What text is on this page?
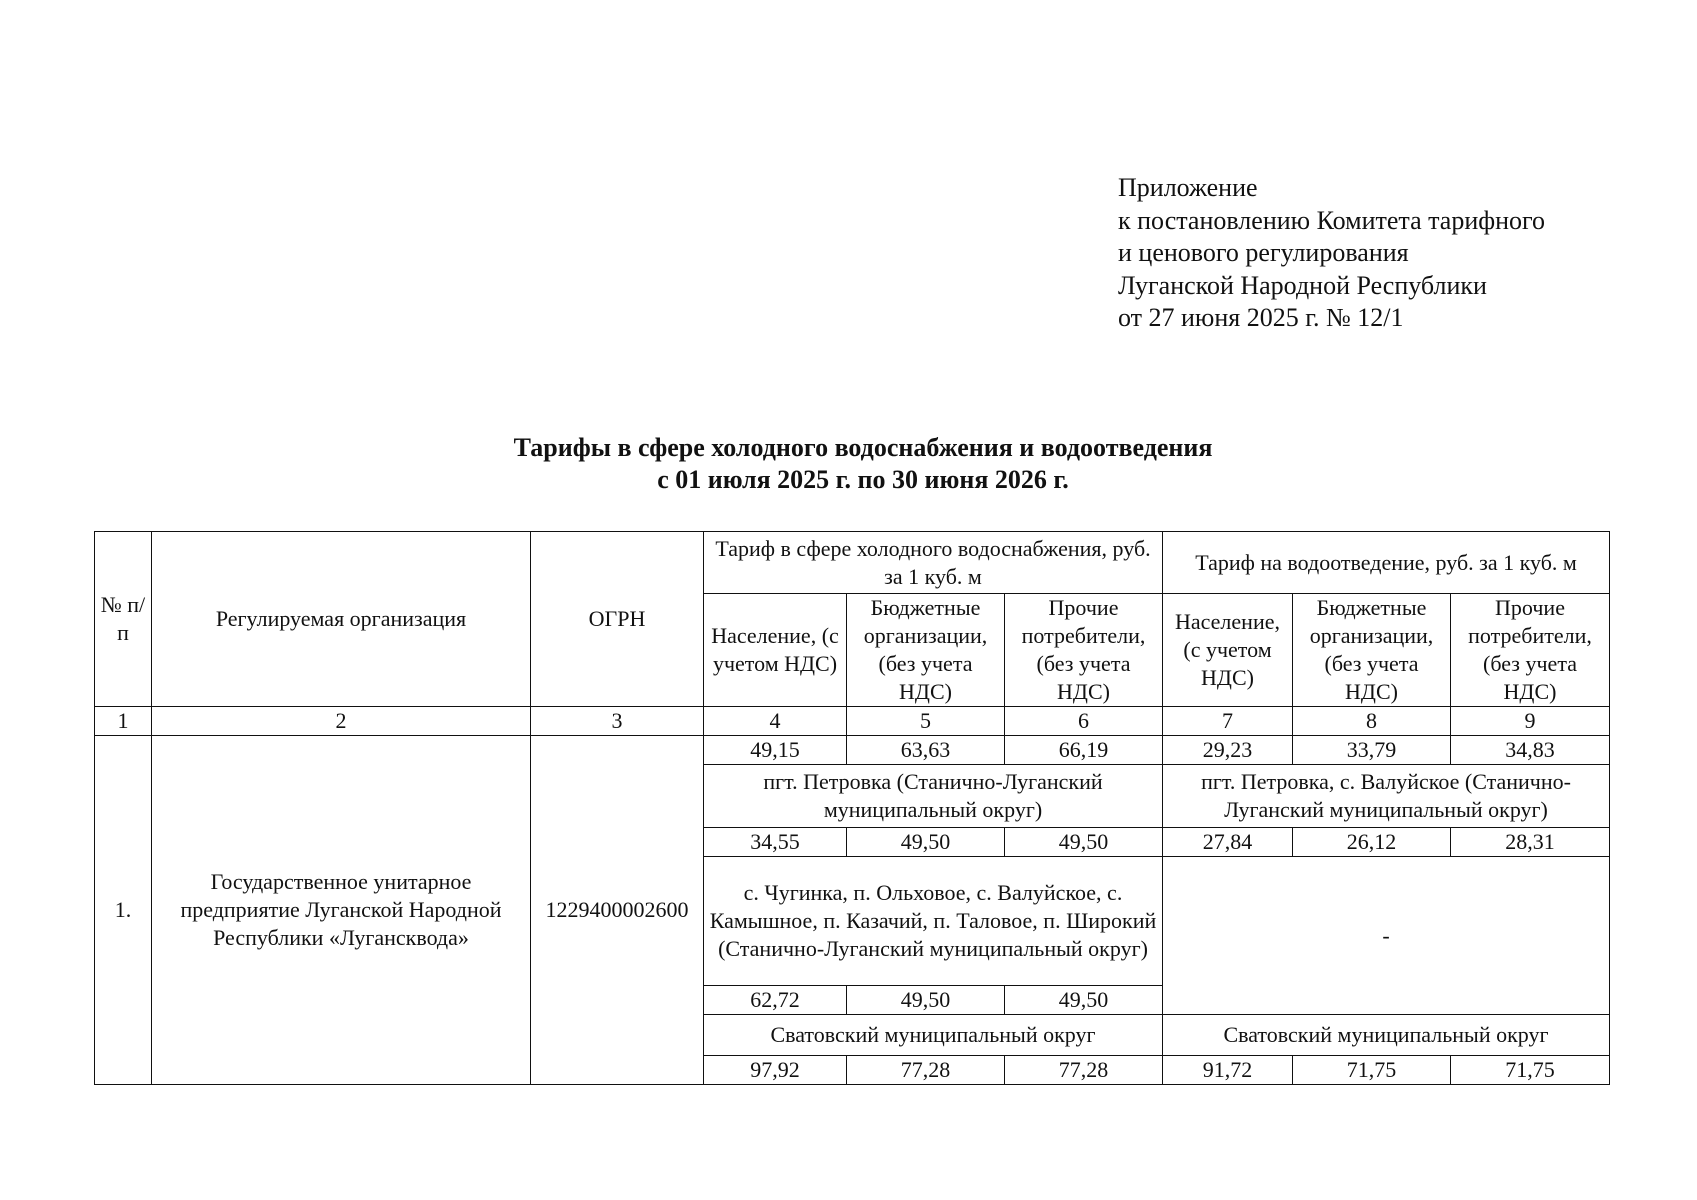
Приложение
к постановлению Комитета тарифного
и ценового регулирования
Луганской Народной Республики
от 27 июня 2025 г. № 12/1
Тарифы в сфере холодного водоснабжения и водоотведения
с 01 июля 2025 г. по 30 июня 2026 г.
№ п/п	Регулируемая организация	ОГРН	Тариф в сфере холодного водоснабжения, руб. за 1 куб. м			Тариф на водоотведение, руб. за 1 куб. м		
			Население, (с учетом НДС)	Бюджетные организации, (без учета НДС)	Прочие потребители, (без учета НДС)	Население, (с учетом НДС)	Бюджетные организации, (без учета НДС)	Прочие потребители, (без учета НДС)
1	2	3	4	5	6	7	8	9
1.	Государственное унитарное предприятие Луганской Народной Республики «Лугансквода»	1229400002600	49,15	63,63	66,19	29,23	33,79	34,83
			пгт. Петровка (Станично-Луганский муниципальный округ)			пгт. Петровка, с. Валуйское (Станично-Луганский муниципальный округ)		
			34,55	49,50	49,50	27,84	26,12	28,31
			с. Чугинка, п. Ольховое, с. Валуйское, с. Камышное, п. Казачий, п. Таловое, п. Широкий (Станично-Луганский муниципальный округ)			-		
			62,72	49,50	49,50			
			Сватовский муниципальный округ			Сватовский муниципальный округ		
			97,92	77,28	77,28	91,72	71,75	71,75
